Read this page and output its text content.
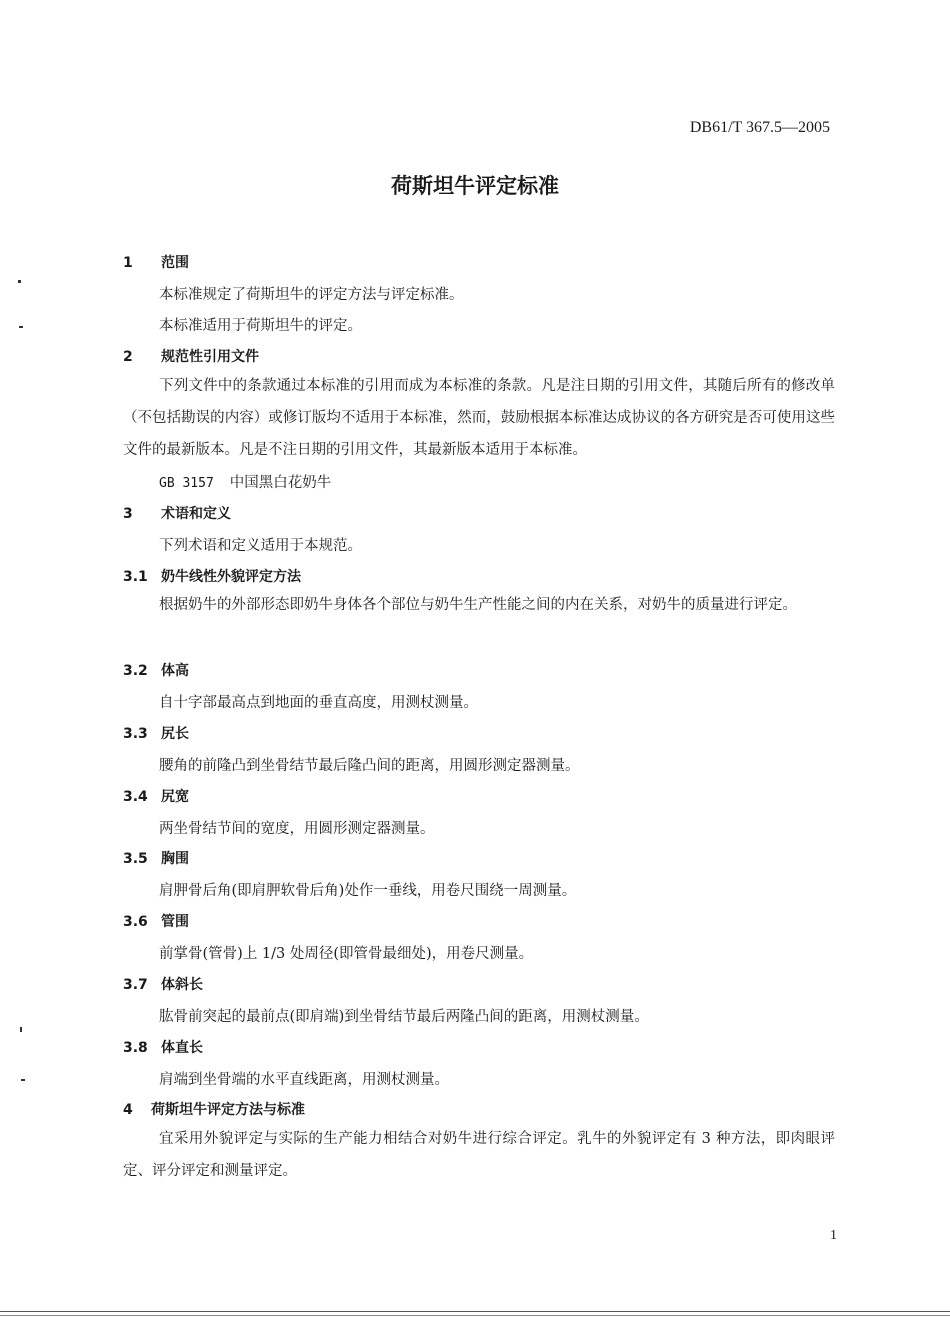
DB61/T 367.5—2005
荷斯坦牛评定标准
1 范围
本标准规定了荷斯坦牛的评定方法与评定标准。
本标准适用于荷斯坦牛的评定。
2 规范性引用文件
下列文件中的条款通过本标准的引用而成为本标准的条款。凡是注日期的引用文件，其随后所有的修改单（不包括勘误的内容）或修订版均不适用于本标准，然而，鼓励根据本标准达成协议的各方研究是否可使用这些文件的最新版本。凡是不注日期的引用文件，其最新版本适用于本标准。
GB 3157 中国黑白花奶牛
3 术语和定义
下列术语和定义适用于本规范。
3.1 奶牛线性外貌评定方法
根据奶牛的外部形态即奶牛身体各个部位与奶牛生产性能之间的内在关系，对奶牛的质量进行评定。
3.2 体高
自十字部最高点到地面的垂直高度，用测杖测量。
3.3 尻长
腰角的前隆凸到坐骨结节最后隆凸间的距离，用圆形测定器测量。
3.4 尻宽
两坐骨结节间的宽度，用圆形测定器测量。
3.5 胸围
肩胛骨后角(即肩胛软骨后角)处作一垂线，用卷尺围绕一周测量。
3.6 管围
前掌骨(管骨)上 1/3 处周径(即管骨最细处)，用卷尺测量。
3.7 体斜长
肱骨前突起的最前点(即肩端)到坐骨结节最后两隆凸间的距离，用测杖测量。
3.8 体直长
肩端到坐骨端的水平直线距离，用测杖测量。
4 荷斯坦牛评定方法与标准
宜采用外貌评定与实际的生产能力相结合对奶牛进行综合评定。乳牛的外貌评定有 3 种方法，即肉眼评定、评分评定和测量评定。
1
